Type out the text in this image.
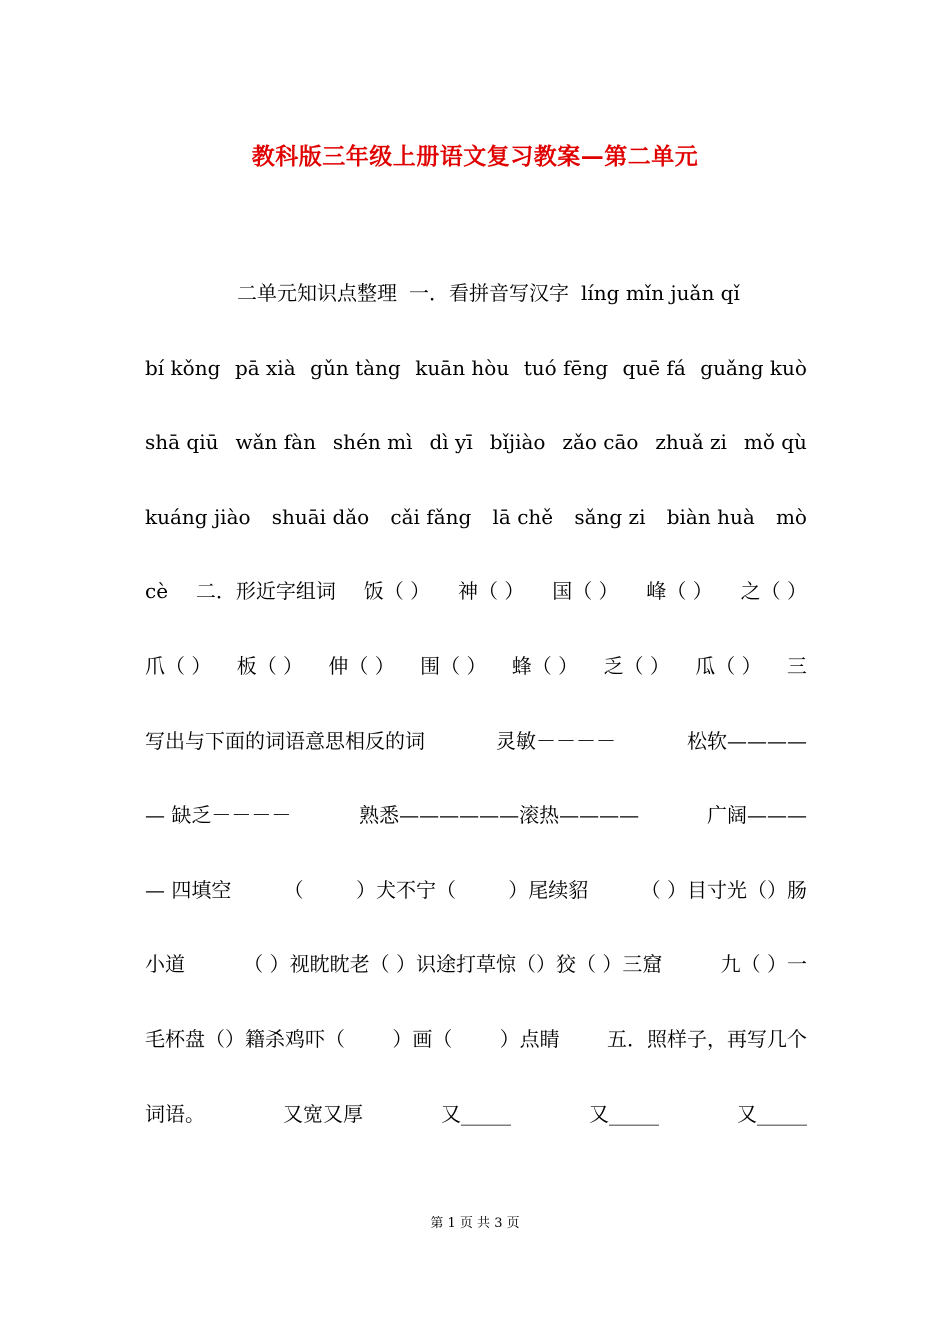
教科版三年级上册语文复习教案—第二单元
二单元知识点整理 一．看拼音写汉字 líng mǐn juǎn qǐ
bí kǒng pā xià gǔn tàng kuān hòu tuó fēng quē fá guǎng kuò
shā qiū wǎn fàn shén mì dì yī bǐjiào zǎo cāo zhuǎ zi mǒ qù
kuáng jiào shuāi dǎo cǎi fǎng lā chě sǎng zi biàn huà mò
cè 二．形近字组词 饭（ ） 神（ ） 国（ ） 峰（ ） 之（ ）
爪（ ） 板（ ） 伸（ ） 围（ ） 蜂（ ） 乏（ ） 瓜（ ） 三
写出与下面的词语意思相反的词	灵敏－－－－	松软————
— 缺乏－－－－	熟悉——————滚热————	广阔———
— 四填空	（	）犬不宁（	）尾续貂	（ ）目寸光（）肠
小道	（ ）视眈眈老（ ）识途打草惊（）狡（ ）三窟	九（ ）一
毛杯盘（）籍杀鸡吓（ ）画（ ）点睛 五．照样子，再写几个
词语。	又宽又厚	又_____	又_____	又_____
第 1 页 共 3 页
